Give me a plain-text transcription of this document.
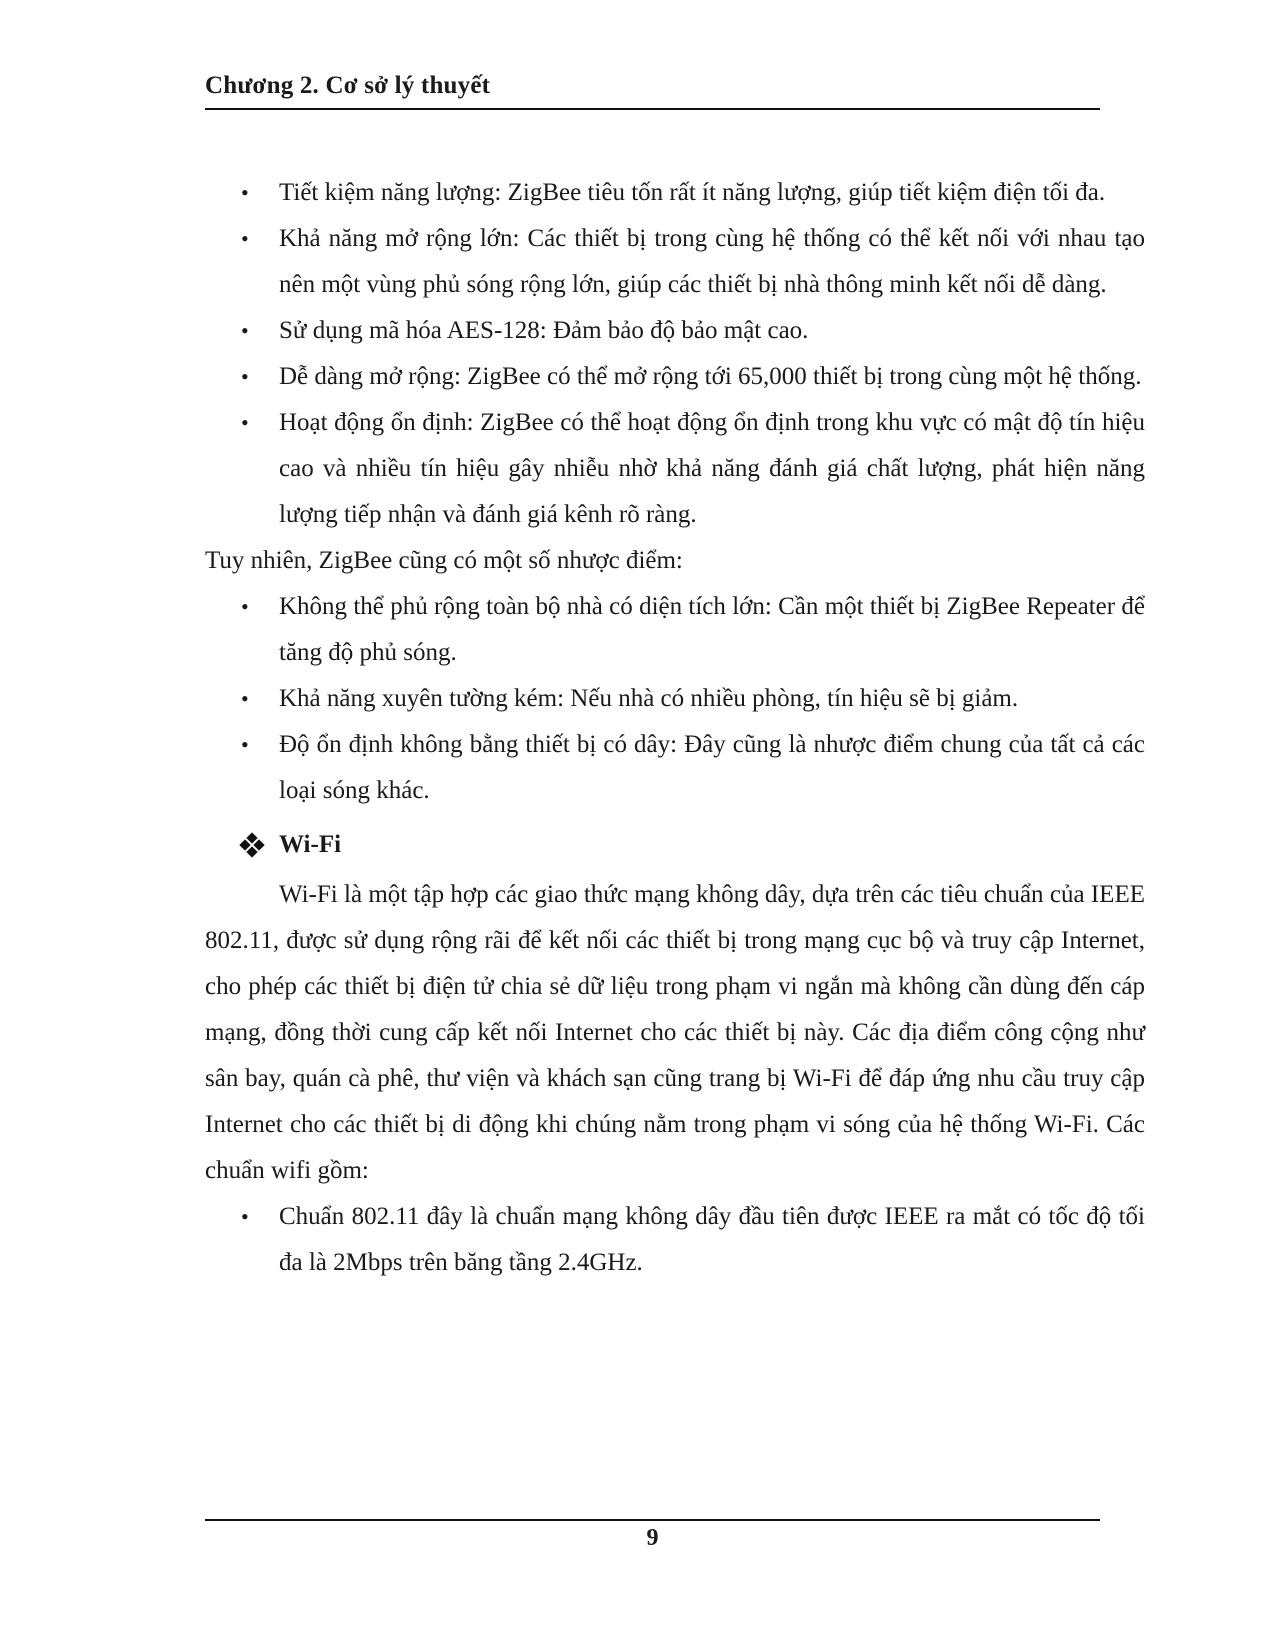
Chương 2. Cơ sở lý thuyết
• Tiết kiệm năng lượng: ZigBee tiêu tốn rất ít năng lượng, giúp tiết kiệm điện tối đa.
• Khả năng mở rộng lớn: Các thiết bị trong cùng hệ thống có thể kết nối với nhau tạo nên một vùng phủ sóng rộng lớn, giúp các thiết bị nhà thông minh kết nối dễ dàng.
• Sử dụng mã hóa AES-128: Đảm bảo độ bảo mật cao.
• Dễ dàng mở rộng: ZigBee có thể mở rộng tới 65,000 thiết bị trong cùng một hệ thống.
• Hoạt động ổn định: ZigBee có thể hoạt động ổn định trong khu vực có mật độ tín hiệu cao và nhiều tín hiệu gây nhiễu nhờ khả năng đánh giá chất lượng, phát hiện năng lượng tiếp nhận và đánh giá kênh rõ ràng.

Tuy nhiên, ZigBee cũng có một số nhược điểm:

• Không thể phủ rộng toàn bộ nhà có diện tích lớn: Cần một thiết bị ZigBee Repeater để tăng độ phủ sóng.
• Khả năng xuyên tường kém: Nếu nhà có nhiều phòng, tín hiệu sẽ bị giảm.
• Độ ổn định không bằng thiết bị có dây: Đây cũng là nhược điểm chung của tất cả các loại sóng khác.
Wi-Fi

Wi-Fi là một tập hợp các giao thức mạng không dây, dựa trên các tiêu chuẩn của IEEE 802.11, được sử dụng rộng rãi để kết nối các thiết bị trong mạng cục bộ và truy cập Internet, cho phép các thiết bị điện tử chia sẻ dữ liệu trong phạm vi ngắn mà không cần dùng đến cáp mạng, đồng thời cung cấp kết nối Internet cho các thiết bị này. Các địa điểm công cộng như sân bay, quán cà phê, thư viện và khách sạn cũng trang bị Wi-Fi để đáp ứng nhu cầu truy cập Internet cho các thiết bị di động khi chúng nằm trong phạm vi sóng của hệ thống Wi-Fi. Các chuẩn wifi gồm:

• Chuẩn 802.11 đây là chuẩn mạng không dây đầu tiên được IEEE ra mắt có tốc độ tối đa là 2Mbps trên băng tầng 2.4GHz.
9
